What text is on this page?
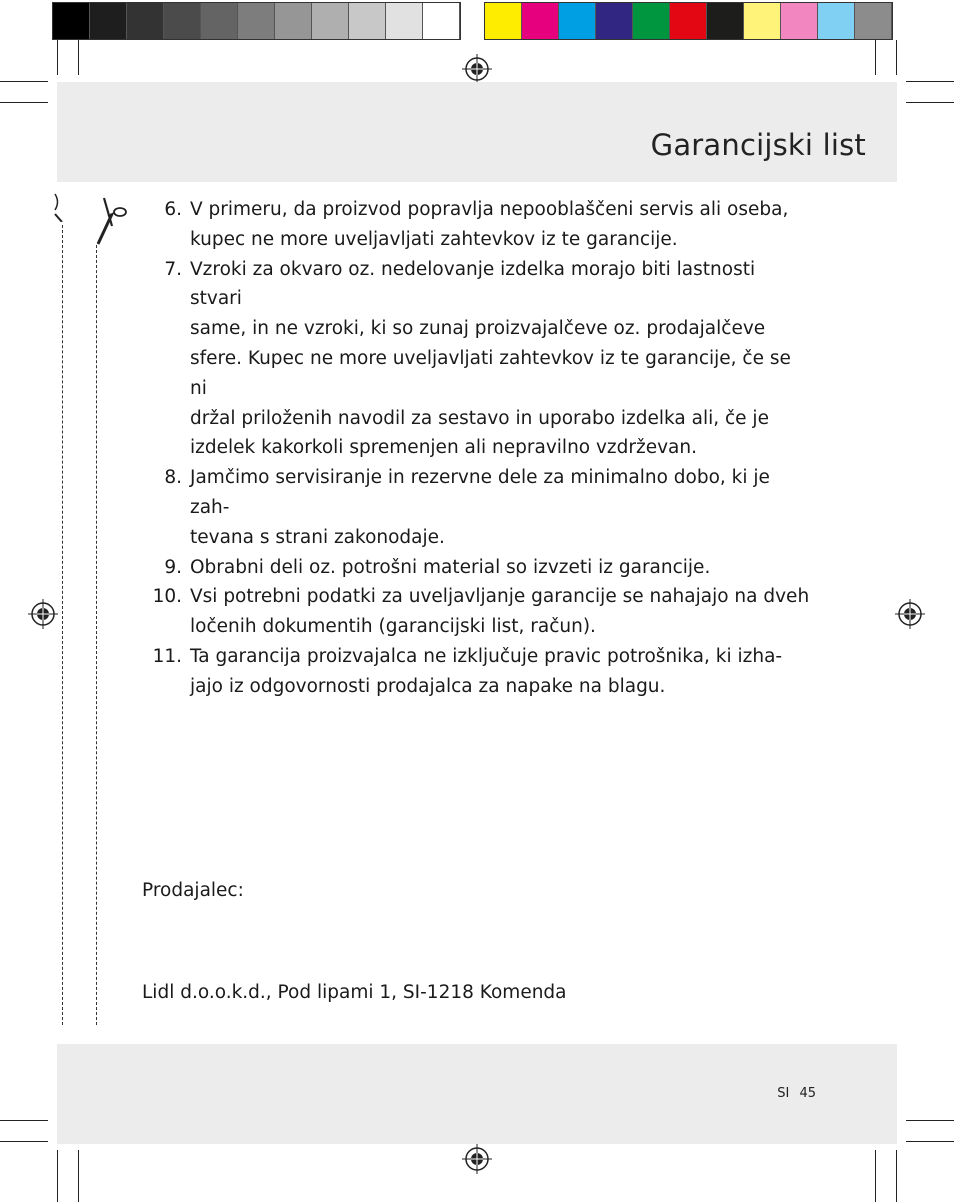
Garancijski list
6. V primeru, da proizvod popravlja nepooblaščeni servis ali oseba,
kupec ne more uveljavljati zahtevkov iz te garancije.
7. Vzroki za okvaro oz. nedelovanje izdelka morajo biti lastnosti stvari
same, in ne vzroki, ki so zunaj proizvajalčeve oz. prodajalčeve
sfere. Kupec ne more uveljavljati zahtevkov iz te garancije, če se ni
držal priloženih navodil za sestavo in uporabo izdelka ali, če je
izdelek kakorkoli spremenjen ali nepravilno vzdrževan.
8. Jamčimo servisiranje in rezervne dele za minimalno dobo, ki je zah-
tevana s strani zakonodaje.
9. Obrabni deli oz. potrošni material so izvzeti iz garancije.
10. Vsi potrebni podatki za uveljavljanje garancije se nahajajo na dveh
ločenih dokumentih (garancijski list, račun).
11. Ta garancija proizvajalca ne izključuje pravic potrošnika, ki izha-
jajo iz odgovornosti prodajalca za napake na blagu.
Prodajalec:
Lidl d.o.o.k.d., Pod lipami 1, SI-1218 Komenda
SI 45
